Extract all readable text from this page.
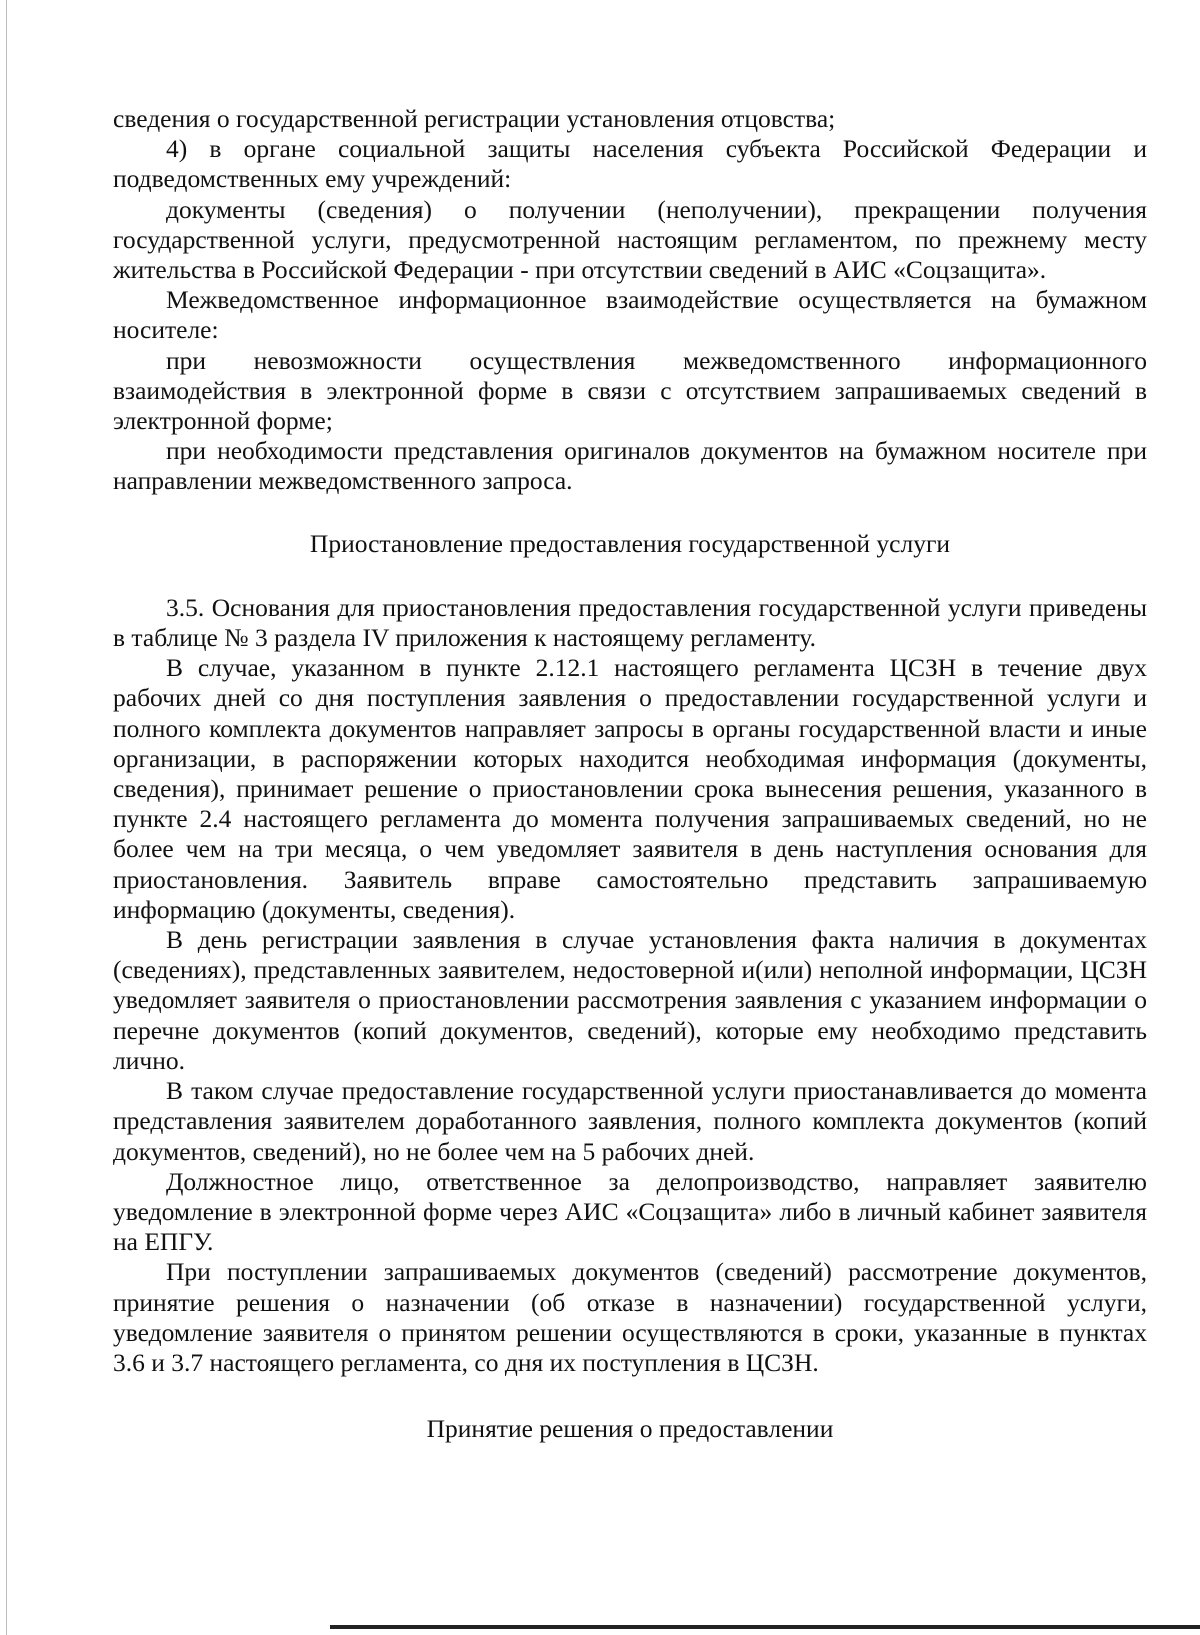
сведения о государственной регистрации установления отцовства;

4) в органе социальной защиты населения субъекта Российской Федерации и подведомственных ему учреждений:

документы (сведения) о получении (неполучении), прекращении получения государственной услуги, предусмотренной настоящим регламентом, по прежнему месту жительства в Российской Федерации - при отсутствии сведений в АИС «Соцзащита».

Межведомственное информационное взаимодействие осуществляется на бумажном носителе:

при невозможности осуществления межведомственного информационного взаимодействия в электронной форме в связи с отсутствием запрашиваемых сведений в электронной форме;

при необходимости представления оригиналов документов на бумажном носителе при направлении межведомственного запроса.

Приостановление предоставления государственной услуги

3.5. Основания для приостановления предоставления государственной услуги приведены в таблице № 3 раздела IV приложения к настоящему регламенту.

В случае, указанном в пункте 2.12.1 настоящего регламента ЦСЗН в течение двух рабочих дней со дня поступления заявления о предоставлении государственной услуги и полного комплекта документов направляет запросы в органы государственной власти и иные организации, в распоряжении которых находится необходимая информация (документы, сведения), принимает решение о приостановлении срока вынесения решения, указанного в пункте 2.4 настоящего регламента до момента получения запрашиваемых сведений, но не более чем на три месяца, о чем уведомляет заявителя в день наступления основания для приостановления. Заявитель вправе самостоятельно представить запрашиваемую информацию (документы, сведения).

В день регистрации заявления в случае установления факта наличия в документах (сведениях), представленных заявителем, недостоверной и(или) неполной информации, ЦСЗН уведомляет заявителя о приостановлении рассмотрения заявления с указанием информации о перечне документов (копий документов, сведений), которые ему необходимо представить лично.

В таком случае предоставление государственной услуги приостанавливается до момента представления заявителем доработанного заявления, полного комплекта документов (копий документов, сведений), но не более чем на 5 рабочих дней.

Должностное лицо, ответственное за делопроизводство, направляет заявителю уведомление в электронной форме через АИС «Соцзащита» либо в личный кабинет заявителя на ЕПГУ.

При поступлении запрашиваемых документов (сведений) рассмотрение документов, принятие решения о назначении (об отказе в назначении) государственной услуги, уведомление заявителя о принятом решении осуществляются в сроки, указанные в пунктах 3.6 и 3.7 настоящего регламента, со дня их поступления в ЦСЗН.

Принятие решения о предоставлении
